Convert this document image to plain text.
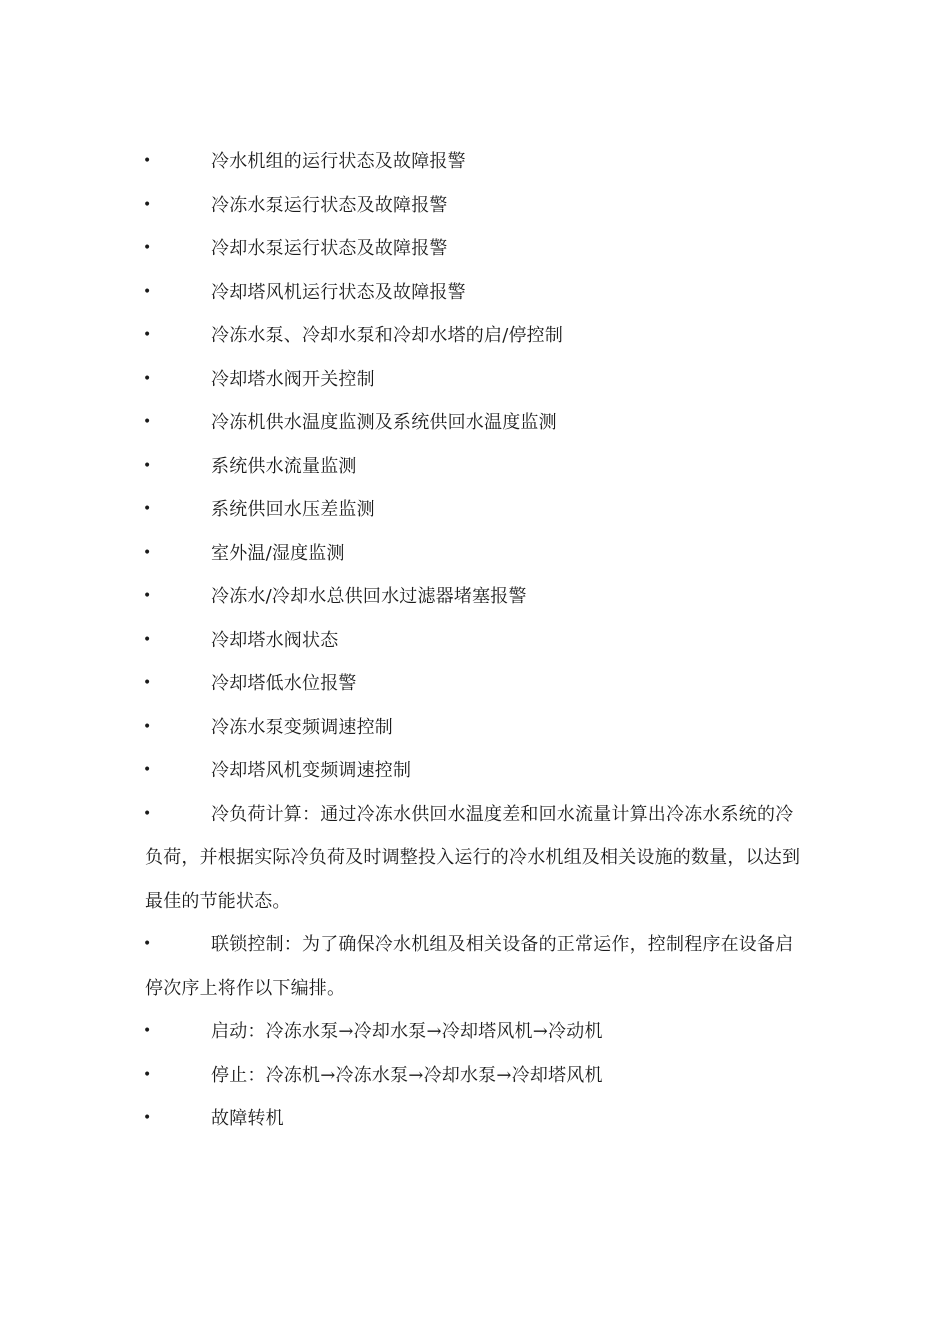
•	冷水机组的运行状态及故障报警
•	冷冻水泵运行状态及故障报警
•	冷却水泵运行状态及故障报警
•	冷却塔风机运行状态及故障报警
•	冷冻水泵、冷却水泵和冷却水塔的启/停控制
•	冷却塔水阀开关控制
•	冷冻机供水温度监测及系统供回水温度监测
•	系统供水流量监测
•	系统供回水压差监测
•	室外温/湿度监测
•	冷冻水/冷却水总供回水过滤器堵塞报警
•	冷却塔水阀状态
•	冷却塔低水位报警
•	冷冻水泵变频调速控制
•	冷却塔风机变频调速控制
•	冷负荷计算：通过冷冻水供回水温度差和回水流量计算出冷冻水系统的冷负荷，并根据实际冷负荷及时调整投入运行的冷水机组及相关设施的数量，以达到最佳的节能状态。
•	联锁控制：为了确保冷水机组及相关设备的正常运作，控制程序在设备启停次序上将作以下编排。
•	启动：冷冻水泵→冷却水泵→冷却塔风机→冷动机
•	停止：冷冻机→冷冻水泵→冷却水泵→冷却塔风机
•	故障转机
